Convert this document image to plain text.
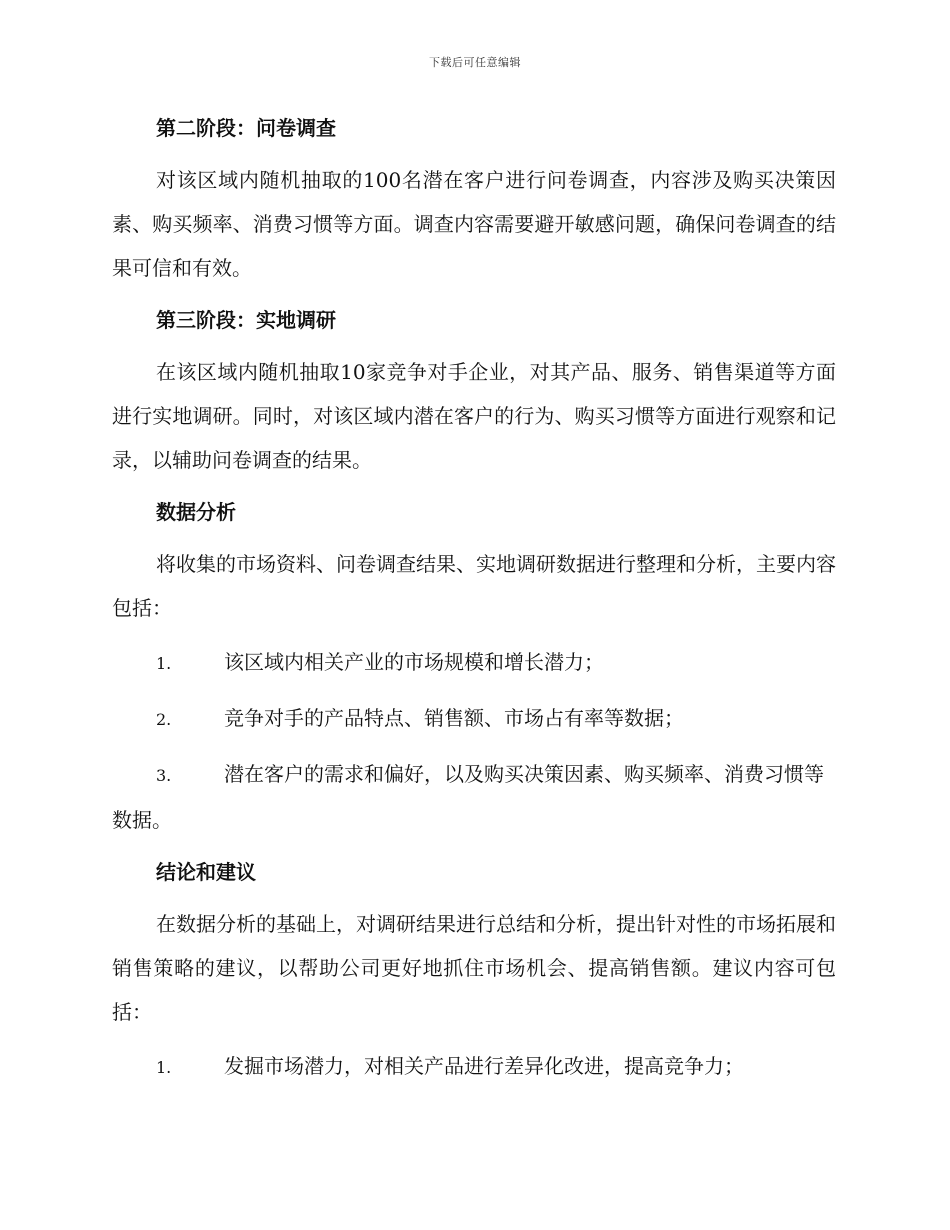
下载后可任意编辑
第二阶段：问卷调查
对该区域内随机抽取的100名潜在客户进行问卷调查，内容涉及购买决策因素、购买频率、消费习惯等方面。调查内容需要避开敏感问题，确保问卷调查的结果可信和有效。
第三阶段：实地调研
在该区域内随机抽取10家竞争对手企业，对其产品、服务、销售渠道等方面进行实地调研。同时，对该区域内潜在客户的行为、购买习惯等方面进行观察和记录，以辅助问卷调查的结果。
数据分析
将收集的市场资料、问卷调查结果、实地调研数据进行整理和分析，主要内容包括：
1.	该区域内相关产业的市场规模和增长潜力；
2.	竞争对手的产品特点、销售额、市场占有率等数据；
3.	潜在客户的需求和偏好，以及购买决策因素、购买频率、消费习惯等数据。
结论和建议
在数据分析的基础上，对调研结果进行总结和分析，提出针对性的市场拓展和销售策略的建议，以帮助公司更好地抓住市场机会、提高销售额。建议内容可包括：
1.	发掘市场潜力，对相关产品进行差异化改进，提高竞争力；
